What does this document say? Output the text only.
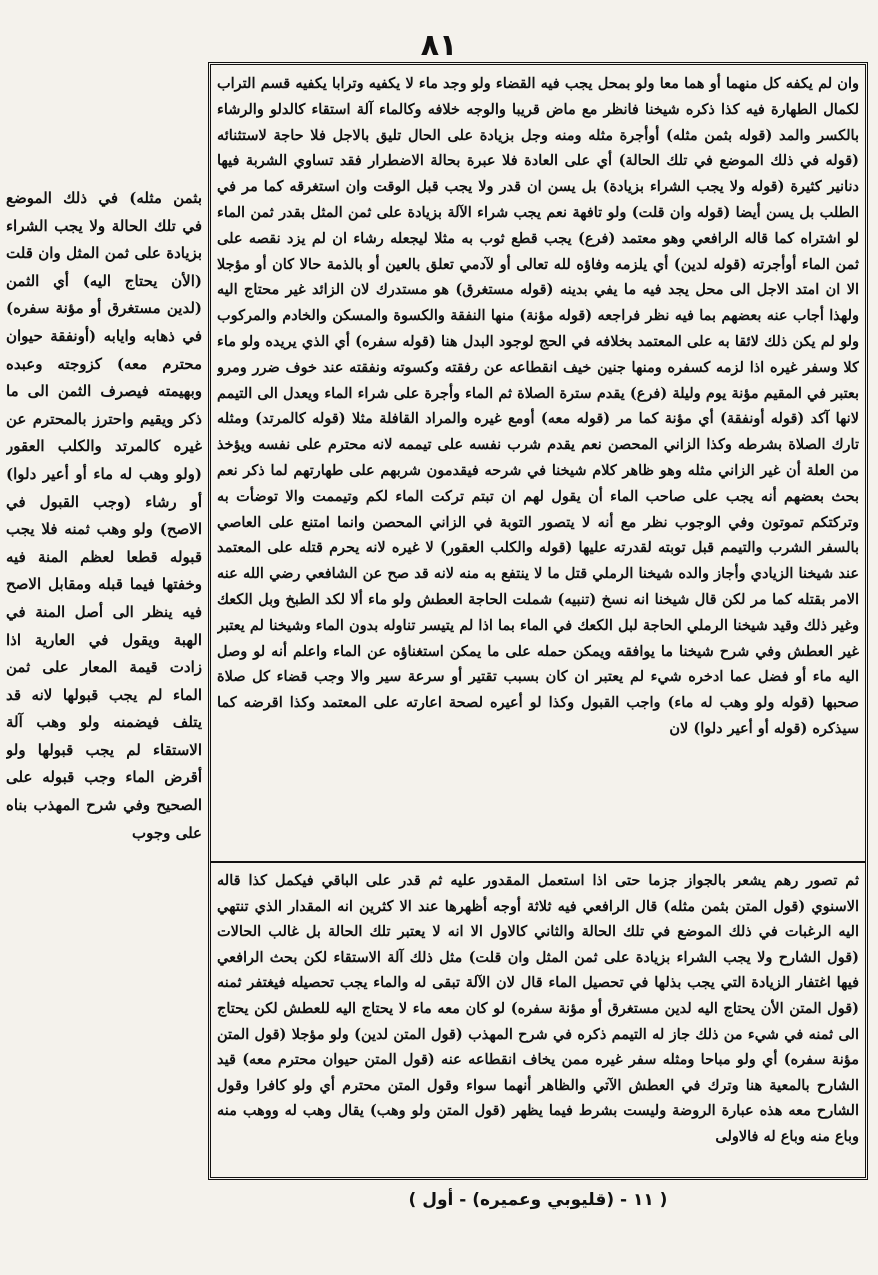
٨١

وان لم يكفه كل منهما أو هما معا ولو بمحل يجب فيه القضاء ولو وجد ماء لا يكفيه وترابا يكفيه قسم التراب لكمال الطهارة فيه كذا ذكره شيخنا فانظر مع ماض قريبا والوجه خلافه وكالماء آلة استقاء كالدلو والرشاء بالكسر والمد (قوله بثمن مثله) أوأجرة مثله ومنه وجل بزيادة على الحال تليق بالاجل فلا حاجة لاستثنائه (قوله في ذلك الموضع في تلك الحالة) أي على العادة فلا عبرة بحالة الاضطرار فقد تساوي الشربة فيها دنانير كثيرة (قوله ولا يجب الشراء بزيادة) بل يسن ان قدر ولا يجب قبل الوقت وان استغرقه كما مر في الطلب بل يسن أيضا (قوله وان قلت) ولو تافهة نعم يجب شراء الآلة بزيادة على ثمن المثل بقدر ثمن الماء لو اشتراه كما قاله الرافعي وهو معتمد (فرع) يجب قطع ثوب به مثلا ليجعله رشاء ان لم يزد نقصه على ثمن الماء أوأجرته (قوله لدين) أي يلزمه وفاؤه لله تعالى أو لآدمي تعلق بالعين أو بالذمة حالا كان أو مؤجلا الا ان امتد الاجل الى محل يجد فيه ما يفي بدينه (قوله مستغرق) هو مستدرك لان الزائد غير محتاج اليه ولهذا أجاب عنه بعضهم بما فيه نظر فراجعه (قوله مؤنة) منها النفقة والكسوة والمسكن والخادم والمركوب ولو لم يكن ذلك لائقا به على المعتمد بخلافه في الحج لوجود البدل هنا (قوله سفره) أي الذي يريده ولو ماء كلا وسفر غيره اذا لزمه كسفره ومنها جنين خيف انقطاعه عن رفقته وكسوته ونفقته عند خوف ضرر ومرو بعتبر في المقيم مؤنة يوم وليلة (فرع) يقدم سترة الصلاة ثم الماء وأجرة على شراء الماء ويعدل الى التيمم لانها آكد (قوله أونفقة) أي مؤنة كما مر (قوله معه) أومع غيره والمراد القافلة مثلا (قوله كالمرتد) ومثله تارك الصلاة بشرطه وكذا الزاني المحصن نعم يقدم شرب نفسه على تيممه لانه محترم على نفسه ويؤخذ من العلة أن غير الزاني مثله وهو ظاهر كلام شيخنا في شرحه فيقدمون شربهم على طهارتهم لما ذكر نعم بحث بعضهم أنه يجب على صاحب الماء أن يقول لهم ان تبتم تركت الماء لكم وتيممت والا توضأت به وتركتكم تموتون وفي الوجوب نظر مع أنه لا يتصور التوبة في الزاني المحصن وانما امتنع على العاصي بالسفر الشرب والتيمم قبل توبته لقدرته عليها (قوله والكلب العقور) لا غيره لانه يحرم قتله على المعتمد عند شيخنا الزيادي وأجاز والده شيخنا الرملي قتل ما لا ينتفع به منه لانه قد صح عن الشافعي رضي الله عنه الامر بقتله كما مر لكن قال شيخنا انه نسخ (تنبيه) شملت الحاجة العطش ولو ماء ألا لكد الطبخ وبل الكعك وغير ذلك وقيد شيخنا الرملي الحاجة لبل الكعك في الماء بما اذا لم يتيسر تناوله بدون الماء وشيخنا لم يعتبر غير العطش وفي شرح شيخنا ما يوافقه ويمكن حمله على ما يمكن استغناؤه عن الماء واعلم أنه لو وصل اليه ماء أو فضل عما ادخره شيء لم يعتبر ان كان بسبب تقتير أو سرعة سير والا وجب قضاء كل صلاة صحبها (قوله ولو وهب له ماء) واجب القبول وكذا لو أعيره لصحة اعارته على المعتمد وكذا اقرضه كما سيذكره (قوله أو أعير دلوا) لان

ثم تصور رهم يشعر بالجواز جزما حتى اذا استعمل المقدور عليه ثم قدر على الباقي فيكمل كذا قاله الاسنوي (قول المتن بثمن مثله) قال الرافعي فيه ثلاثة أوجه أظهرها عند الا كثرين انه المقدار الذي تنتهي اليه الرغبات في ذلك الموضع في تلك الحالة والثاني كالاول الا انه لا يعتبر تلك الحالة بل غالب الحالات (قول الشارح ولا يجب الشراء بزيادة على ثمن المثل وان قلت) مثل ذلك آلة الاستقاء لكن بحث الرافعي فيها اغتفار الزيادة التي يجب بذلها في تحصيل الماء قال لان الآلة تبقى له والماء يجب تحصيله فيغتفر ثمنه (قول المتن الأن يحتاج اليه لدين مستغرق أو مؤنة سفره) لو كان معه ماء لا يحتاج اليه للعطش لكن يحتاج الى ثمنه في شيء من ذلك جاز له التيمم ذكره في شرح المهذب (قول المتن لدين) ولو مؤجلا (قول المتن مؤنة سفره) أي ولو مباحا ومثله سفر غيره ممن يخاف انقطاعه عنه (قول المتن حيوان محترم معه) قيد الشارح بالمعية هنا وترك في العطش الآتي والظاهر أنهما سواء وقول المتن محترم أي ولو كافرا وقول الشارح معه هذه عبارة الروضة وليست بشرط فيما يظهر (قول المتن ولو وهب) يقال وهب له ووهب منه وباع منه وباع له فالاولى

بثمن مثله) في ذلك الموضع في تلك الحالة ولا يجب الشراء بزيادة على ثمن المثل وان قلت (الأن يحتاج اليه) أي الثمن (لدين مستغرق أو مؤنة سفره) في ذهابه وايابه (أونفقة حيوان محترم معه) كزوجته وعبده وبهيمته فيصرف الثمن الى ما ذكر ويقيم واحترز بالمحترم عن غيره كالمرتد والكلب العقور (ولو وهب له ماء أو أعير دلوا) أو رشاء (وجب القبول في الاصح) ولو وهب ثمنه فلا يجب قبوله قطعا لعظم المنة فيه وخفتها فيما قبله ومقابل الاصح فيه ينظر الى أصل المنة في الهبة ويقول في العارية اذا زادت قيمة المعار على ثمن الماء لم يجب قبولها لانه قد يتلف فيضمنه ولو وهب آلة الاستقاء لم يجب قبولها ولو أقرض الماء وجب قبوله على الصحيح وفي شرح المهذب بناه على وجوب

( ١١ - (قليوبي وعميره) - أول )
